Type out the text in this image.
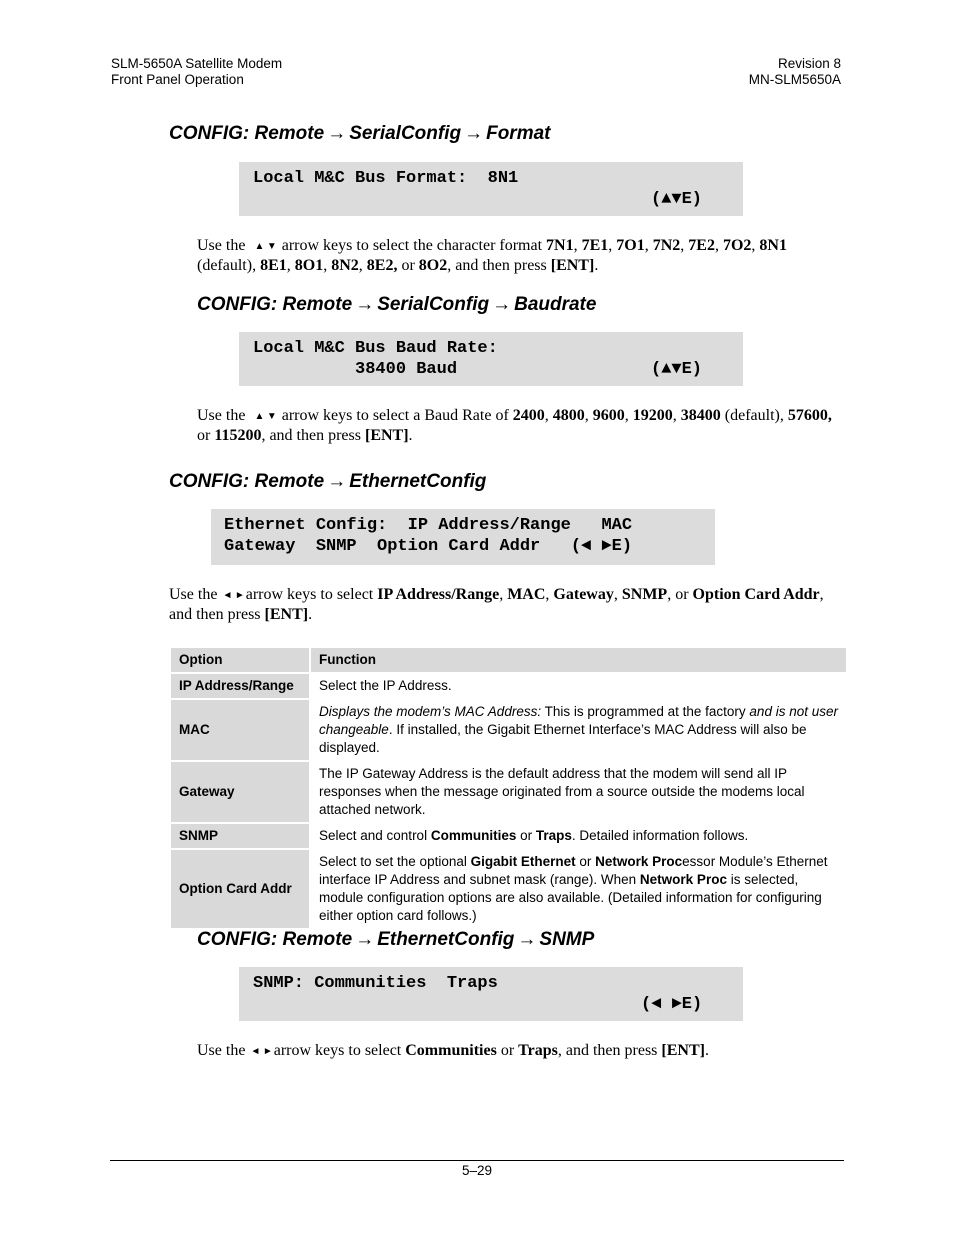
SLM-5650A Satellite Modem
Front Panel Operation
Revision 8
MN-SLM5650A
CONFIG: Remote → SerialConfig → Format
Local M&C Bus Format:  8N1
(▲▼E)
Use the ▲ ▼ arrow keys to select the character format 7N1, 7E1, 7O1, 7N2, 7E2, 7O2, 8N1 (default), 8E1, 8O1, 8N2, 8E2, or 8O2, and then press [ENT].
CONFIG: Remote → SerialConfig → Baudrate
Local M&C Bus Baud Rate:
38400 Baud	(▲▼E)
Use the ▲ ▼ arrow keys to select a Baud Rate of 2400, 4800, 9600, 19200, 38400 (default), 57600, or 115200, and then press [ENT].
CONFIG: Remote → EthernetConfig
Ethernet Config:  IP Address/Range   MAC
Gateway  SNMP  Option Card Addr   (◄ ►E)
Use the ◄ ►arrow keys to select IP Address/Range, MAC, Gateway, SNMP, or Option Card Addr, and then press [ENT].
Option	Function
IP Address/Range	Select the IP Address.
MAC	Displays the modem’s MAC Address: This is programmed at the factory and is not user changeable. If installed, the Gigabit Ethernet Interface’s MAC Address will also be displayed.
Gateway	The IP Gateway Address is the default address that the modem will send all IP responses when the message originated from a source outside the modems local attached network.
SNMP	Select and control Communities or Traps. Detailed information follows.
Option Card Addr	Select to set the optional Gigabit Ethernet or Network Processor Module’s Ethernet interface IP Address and subnet mask (range). When Network Proc is selected, module configuration options are also available. (Detailed information for configuring either option card follows.)
CONFIG: Remote → EthernetConfig → SNMP
SNMP: Communities  Traps
(◄ ►E)
Use the ◄ ►arrow keys to select Communities or Traps, and then press [ENT].
5–29
